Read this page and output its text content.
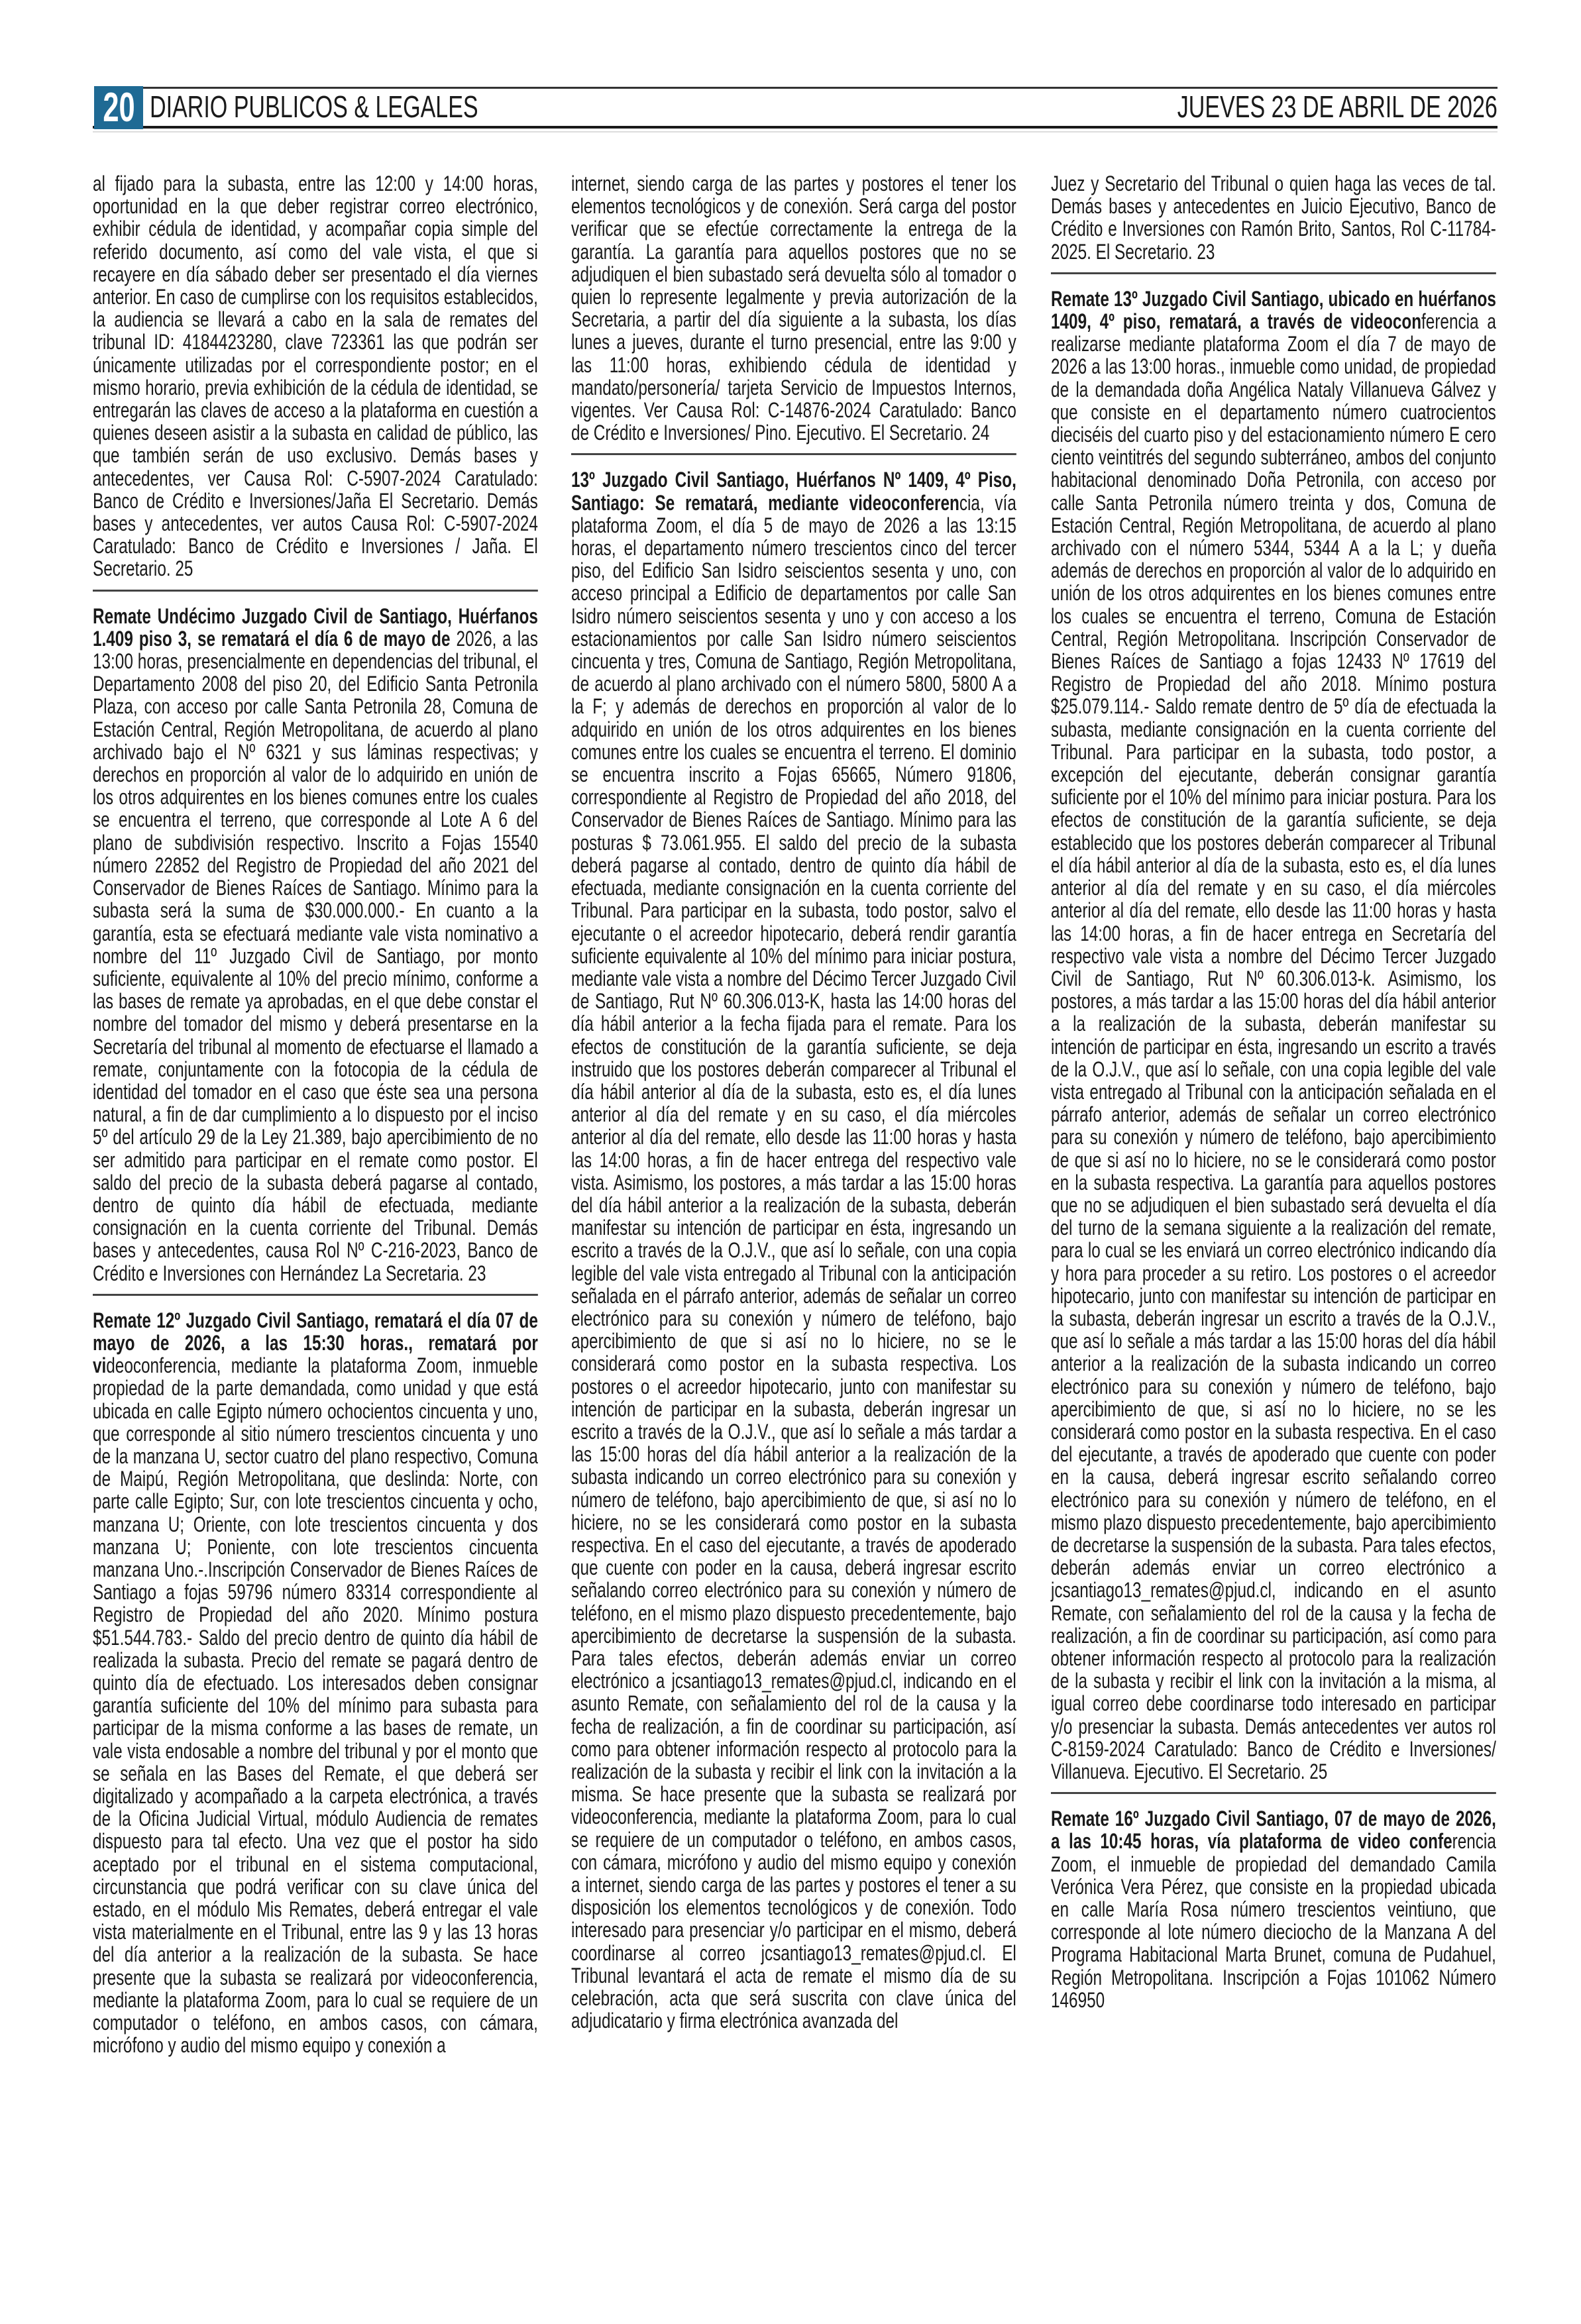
20 DIARIO PUBLICOS & LEGALES	JUEVES 23 DE ABRIL DE 2026

al fijado para la subasta, entre las 12:00 y 14:00 horas, oportunidad en la que deber registrar correo electrónico, exhibir cédula de identidad, y acompañar copia simple del referido documento, así como del vale vista, el que si recayere en día sábado deber ser presentado el día viernes anterior. En caso de cumplirse con los requisitos establecidos, la audiencia se llevará a cabo en la sala de remates del tribunal ID: 4184423280, clave 723361 las que podrán ser únicamente utilizadas por el correspondiente postor; en el mismo horario, previa exhibición de la cédula de identidad, se entregarán las claves de acceso a la plataforma en cuestión a quienes deseen asistir a la subasta en calidad de público, las que también serán de uso exclusivo. Demás bases y antecedentes, ver Causa Rol: C-5907-2024 Caratulado: Banco de Crédito e Inversiones/Jaña El Secretario. Demás bases y antecedentes, ver autos Causa Rol: C-5907-2024 Caratulado: Banco de Crédito e Inversiones / Jaña. El Secretario. 25

Remate Undécimo Juzgado Civil de Santiago, Huérfanos 1.409 piso 3, se rematará el día 6 de mayo de 2026, a las 13:00 horas, presencialmente en dependencias del tribunal, el Departamento 2008 del piso 20, del Edificio Santa Petronila Plaza, con acceso por calle Santa Petronila 28, Comuna de Estación Central, Región Metropolitana, de acuerdo al plano archivado bajo el Nº 6321 y sus láminas respectivas; y derechos en proporción al valor de lo adquirido en unión de los otros adquirentes en los bienes comunes entre los cuales se encuentra el terreno, que corresponde al Lote A 6 del plano de subdivisión respectivo. Inscrito a Fojas 15540 número 22852 del Registro de Propiedad del año 2021 del Conservador de Bienes Raíces de Santiago. Mínimo para la subasta será la suma de $30.000.000.- En cuanto a la garantía, esta se efectuará mediante vale vista nominativo a nombre del 11º Juzgado Civil de Santiago, por monto suficiente, equivalente al 10% del precio mínimo, conforme a las bases de remate ya aprobadas, en el que debe constar el nombre del tomador del mismo y deberá presentarse en la Secretaría del tribunal al momento de efectuarse el llamado a remate, conjuntamente con la fotocopia de la cédula de identidad del tomador en el caso que éste sea una persona natural, a fin de dar cumplimiento a lo dispuesto por el inciso 5º del artículo 29 de la Ley 21.389, bajo apercibimiento de no ser admitido para participar en el remate como postor. El saldo del precio de la subasta deberá pagarse al contado, dentro de quinto día hábil de efectuada, mediante consignación en la cuenta corriente del Tribunal. Demás bases y antecedentes, causa Rol Nº C-216-2023, Banco de Crédito e Inversiones con Hernández La Secretaria. 23

Remate 12º Juzgado Civil Santiago, rematará el día 07 de mayo de 2026, a las 15:30 horas., rematará por videoconferencia, mediante la plataforma Zoom, inmueble propiedad de la parte demandada, como unidad y que está ubicada en calle Egipto número ochocientos cincuenta y uno, que corresponde al sitio número trescientos cincuenta y uno de la manzana U, sector cuatro del plano respectivo, Comuna de Maipú, Región Metropolitana, que deslinda: Norte, con parte calle Egipto; Sur, con lote trescientos cincuenta y ocho, manzana U; Oriente, con lote trescientos cincuenta y dos manzana U; Poniente, con lote trescientos cincuenta manzana Uno.-.Inscripción Conservador de Bienes Raíces de Santiago a fojas 59796 número 83314 correspondiente al Registro de Propiedad del año 2020. Mínimo postura $51.544.783.- Saldo del precio dentro de quinto día hábil de realizada la subasta. Precio del remate se pagará dentro de quinto día de efectuado. Los interesados deben consignar garantía suficiente del 10% del mínimo para subasta para participar de la misma conforme a las bases de remate, un vale vista endosable a nombre del tribunal y por el monto que se señala en las Bases del Remate, el que deberá ser digitalizado y acompañado a la carpeta electrónica, a través de la Oficina Judicial Virtual, módulo Audiencia de remates dispuesto para tal efecto. Una vez que el postor ha sido aceptado por el tribunal en el sistema computacional, circunstancia que podrá verificar con su clave única del estado, en el módulo Mis Remates, deberá entregar el vale vista materialmente en el Tribunal, entre las 9 y las 13 horas del día anterior a la realización de la subasta. Se hace presente que la subasta se realizará por videoconferencia, mediante la plataforma Zoom, para lo cual se requiere de un computador o teléfono, en ambos casos, con cámara, micrófono y audio del mismo equipo y conexión a

internet, siendo carga de las partes y postores el tener los elementos tecnológicos y de conexión. Será carga del postor verificar que se efectúe correctamente la entrega de la garantía. La garantía para aquellos postores que no se adjudiquen el bien subastado será devuelta sólo al tomador o quien lo represente legalmente y previa autorización de la Secretaria, a partir del día siguiente a la subasta, los días lunes a jueves, durante el turno presencial, entre las 9:00 y las 11:00 horas, exhibiendo cédula de identidad y mandato/personería/ tarjeta Servicio de Impuestos Internos, vigentes. Ver Causa Rol: C-14876-2024 Caratulado: Banco de Crédito e Inversiones/ Pino. Ejecutivo. El Secretario. 24

13º Juzgado Civil Santiago, Huérfanos Nº 1409, 4º Piso, Santiago: Se rematará, mediante videoconferencia, vía plataforma Zoom, el día 5 de mayo de 2026 a las 13:15 horas, el departamento número trescientos cinco del tercer piso, del Edificio San Isidro seiscientos sesenta y uno, con acceso principal a Edificio de departamentos por calle San Isidro número seiscientos sesenta y uno y con acceso a los estacionamientos por calle San Isidro número seiscientos cincuenta y tres, Comuna de Santiago, Región Metropolitana, de acuerdo al plano archivado con el número 5800, 5800 A a la F; y además de derechos en proporción al valor de lo adquirido en unión de los otros adquirentes en los bienes comunes entre los cuales se encuentra el terreno. El dominio se encuentra inscrito a Fojas 65665, Número 91806, correspondiente al Registro de Propiedad del año 2018, del Conservador de Bienes Raíces de Santiago. Mínimo para las posturas $ 73.061.955. El saldo del precio de la subasta deberá pagarse al contado, dentro de quinto día hábil de efectuada, mediante consignación en la cuenta corriente del Tribunal. Para participar en la subasta, todo postor, salvo el ejecutante o el acreedor hipotecario, deberá rendir garantía suficiente equivalente al 10% del mínimo para iniciar postura, mediante vale vista a nombre del Décimo Tercer Juzgado Civil de Santiago, Rut Nº 60.306.013-K, hasta las 14:00 horas del día hábil anterior a la fecha fijada para el remate. Para los efectos de constitución de la garantía suficiente, se deja instruido que los postores deberán comparecer al Tribunal el día hábil anterior al día de la subasta, esto es, el día lunes anterior al día del remate y en su caso, el día miércoles anterior al día del remate, ello desde las 11:00 horas y hasta las 14:00 horas, a fin de hacer entrega del respectivo vale vista. Asimismo, los postores, a más tardar a las 15:00 horas del día hábil anterior a la realización de la subasta, deberán manifestar su intención de participar en ésta, ingresando un escrito a través de la O.J.V., que así lo señale, con una copia legible del vale vista entregado al Tribunal con la anticipación señalada en el párrafo anterior, además de señalar un correo electrónico para su conexión y número de teléfono, bajo apercibimiento de que si así no lo hiciere, no se le considerará como postor en la subasta respectiva. Los postores o el acreedor hipotecario, junto con manifestar su intención de participar en la subasta, deberán ingresar un escrito a través de la O.J.V., que así lo señale a más tardar a las 15:00 horas del día hábil anterior a la realización de la subasta indicando un correo electrónico para su conexión y número de teléfono, bajo apercibimiento de que, si así no lo hiciere, no se les considerará como postor en la subasta respectiva. En el caso del ejecutante, a través de apoderado que cuente con poder en la causa, deberá ingresar escrito señalando correo electrónico para su conexión y número de teléfono, en el mismo plazo dispuesto precedentemente, bajo apercibimiento de decretarse la suspensión de la subasta. Para tales efectos, deberán además enviar un correo electrónico a jcsantiago13_remates@pjud.cl, indicando en el asunto Remate, con señalamiento del rol de la causa y la fecha de realización, a fin de coordinar su participación, así como para obtener información respecto al protocolo para la realización de la subasta y recibir el link con la invitación a la misma. Se hace presente que la subasta se realizará por videoconferencia, mediante la plataforma Zoom, para lo cual se requiere de un computador o teléfono, en ambos casos, con cámara, micrófono y audio del mismo equipo y conexión a internet, siendo carga de las partes y postores el tener a su disposición los elementos tecnológicos y de conexión. Todo interesado para presenciar y/o participar en el mismo, deberá coordinarse al correo jcsantiago13_remates@pjud.cl. El Tribunal levantará el acta de remate el mismo día de su celebración, acta que será suscrita con clave única del adjudicatario y firma electrónica avanzada del

Juez y Secretario del Tribunal o quien haga las veces de tal. Demás bases y antecedentes en Juicio Ejecutivo, Banco de Crédito e Inversiones con Ramón Brito, Santos, Rol C-11784-2025. El Secretario. 23

Remate 13º Juzgado Civil Santiago, ubicado en huérfanos 1409, 4º piso, rematará, a través de videoconferencia a realizarse mediante plataforma Zoom el día 7 de mayo de 2026 a las 13:00 horas., inmueble como unidad, de propiedad de la demandada doña Angélica Nataly Villanueva Gálvez y que consiste en el departamento número cuatrocientos dieciséis del cuarto piso y del estacionamiento número E cero ciento veintitrés del segundo subterráneo, ambos del conjunto habitacional denominado Doña Petronila, con acceso por calle Santa Petronila número treinta y dos, Comuna de Estación Central, Región Metropolitana, de acuerdo al plano archivado con el número 5344, 5344 A a la L; y dueña además de derechos en proporción al valor de lo adquirido en unión de los otros adquirentes en los bienes comunes entre los cuales se encuentra el terreno, Comuna de Estación Central, Región Metropolitana. Inscripción Conservador de Bienes Raíces de Santiago a fojas 12433 Nº 17619 del Registro de Propiedad del año 2018. Mínimo postura $25.079.114.- Saldo remate dentro de 5º día de efectuada la subasta, mediante consignación en la cuenta corriente del Tribunal. Para participar en la subasta, todo postor, a excepción del ejecutante, deberán consignar garantía suficiente por el 10% del mínimo para iniciar postura. Para los efectos de constitución de la garantía suficiente, se deja establecido que los postores deberán comparecer al Tribunal el día hábil anterior al día de la subasta, esto es, el día lunes anterior al día del remate y en su caso, el día miércoles anterior al día del remate, ello desde las 11:00 horas y hasta las 14:00 horas, a fin de hacer entrega en Secretaría del respectivo vale vista a nombre del Décimo Tercer Juzgado Civil de Santiago, Rut Nº 60.306.013-k. Asimismo, los postores, a más tardar a las 15:00 horas del día hábil anterior a la realización de la subasta, deberán manifestar su intención de participar en ésta, ingresando un escrito a través de la O.J.V., que así lo señale, con una copia legible del vale vista entregado al Tribunal con la anticipación señalada en el párrafo anterior, además de señalar un correo electrónico para su conexión y número de teléfono, bajo apercibimiento de que si así no lo hiciere, no se le considerará como postor en la subasta respectiva. La garantía para aquellos postores que no se adjudiquen el bien subastado será devuelta el día del turno de la semana siguiente a la realización del remate, para lo cual se les enviará un correo electrónico indicando día y hora para proceder a su retiro. Los postores o el acreedor hipotecario, junto con manifestar su intención de participar en la subasta, deberán ingresar un escrito a través de la O.J.V., que así lo señale a más tardar a las 15:00 horas del día hábil anterior a la realización de la subasta indicando un correo electrónico para su conexión y número de teléfono, bajo apercibimiento de que, si así no lo hiciere, no se les considerará como postor en la subasta respectiva. En el caso del ejecutante, a través de apoderado que cuente con poder en la causa, deberá ingresar escrito señalando correo electrónico para su conexión y número de teléfono, en el mismo plazo dispuesto precedentemente, bajo apercibimiento de decretarse la suspensión de la subasta. Para tales efectos, deberán además enviar un correo electrónico a jcsantiago13_remates@pjud.cl, indicando en el asunto Remate, con señalamiento del rol de la causa y la fecha de realización, a fin de coordinar su participación, así como para obtener información respecto al protocolo para la realización de la subasta y recibir el link con la invitación a la misma, al igual correo debe coordinarse todo interesado en participar y/o presenciar la subasta. Demás antecedentes ver autos rol C-8159-2024 Caratulado: Banco de Crédito e Inversiones/ Villanueva. Ejecutivo. El Secretario. 25

Remate 16º Juzgado Civil Santiago, 07 de mayo de 2026, a las 10:45 horas, vía plataforma de video conferencia Zoom, el inmueble de propiedad del demandado Camila Verónica Vera Pérez, que consiste en la propiedad ubicada en calle María Rosa número trescientos veintiuno, que corresponde al lote número dieciocho de la Manzana A del Programa Habitacional Marta Brunet, comuna de Pudahuel, Región Metropolitana. Inscripción a Fojas 101062 Número 146950
